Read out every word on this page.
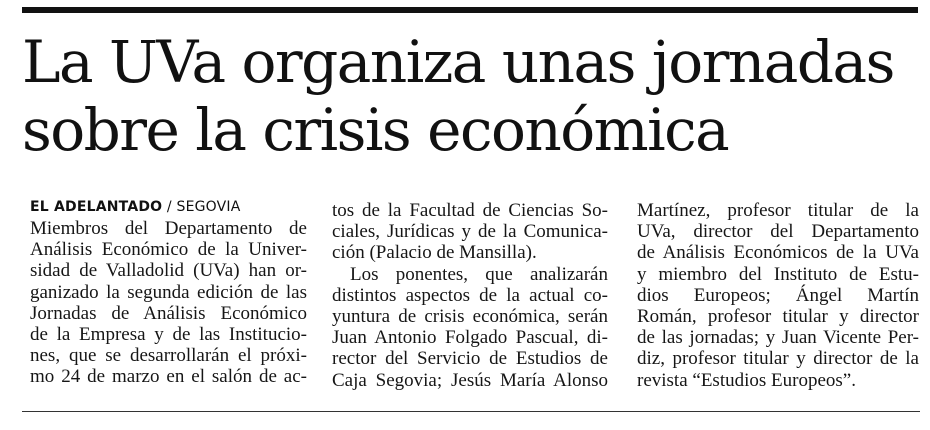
La UVa organiza unas jornadas
sobre la crisis económica
EL ADELANTADO / SEGOVIA
Miembros del Departamento de
Análisis Económico de la Univer-
sidad de Valladolid (UVa) han or-
ganizado la segunda edición de las
Jornadas de Análisis Económico
de la Empresa y de las Institucio-
nes, que se desarrollarán el próxi-
mo 24 de marzo en el salón de ac-
tos de la Facultad de Ciencias So-
ciales, Jurídicas y de la Comunica-
ción (Palacio de Mansilla).
Los ponentes, que analizarán
distintos aspectos de la actual co-
yuntura de crisis económica, serán
Juan Antonio Folgado Pascual, di-
rector del Servicio de Estudios de
Caja Segovia; Jesús María Alonso
Martínez, profesor titular de la
UVa, director del Departamento
de Análisis Económicos de la UVa
y miembro del Instituto de Estu-
dios Europeos; Ángel Martín
Román, profesor titular y director
de las jornadas; y Juan Vicente Per-
diz, profesor titular y director de la
revista “Estudios Europeos”.
